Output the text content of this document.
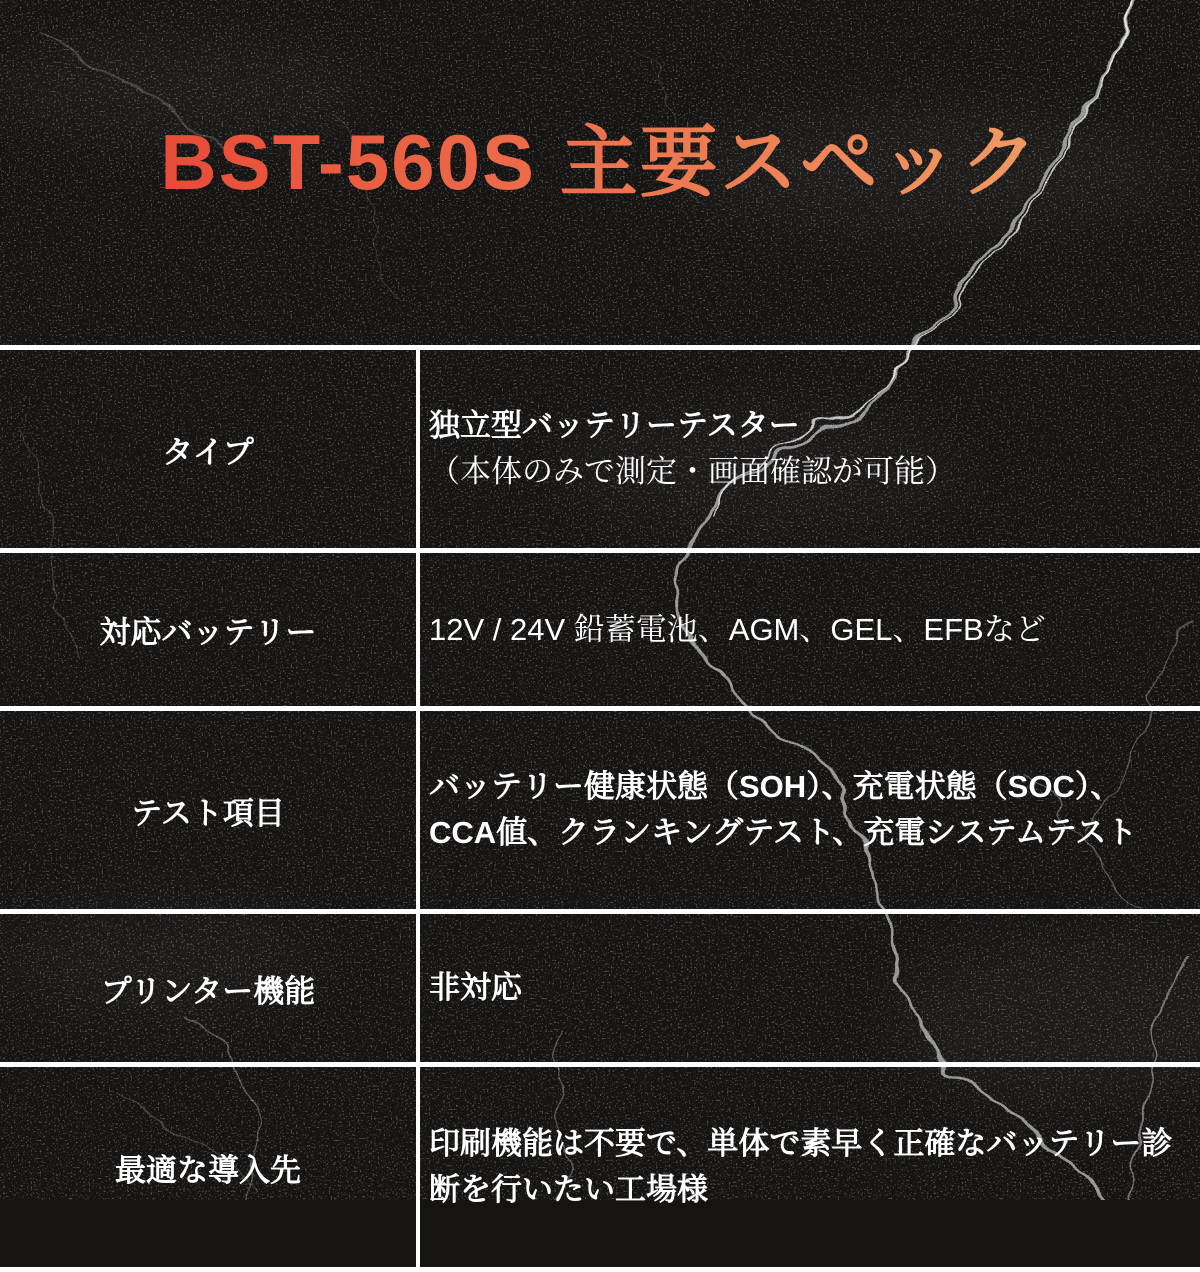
BST-560S 主要スペック
タイプ	独立型バッテリーテスター
（本体のみで測定・画面確認が可能）
対応バッテリー	12V / 24V 鉛蓄電池、AGM、GEL、EFBなど
テスト項目	バッテリー健康状態（SOH）、充電状態（SOC）、CCA値、クランキングテスト、充電システムテスト
プリンター機能	非対応
最適な導入先	印刷機能は不要で、単体で素早く正確なバッテリー診断を行いたい工場様
